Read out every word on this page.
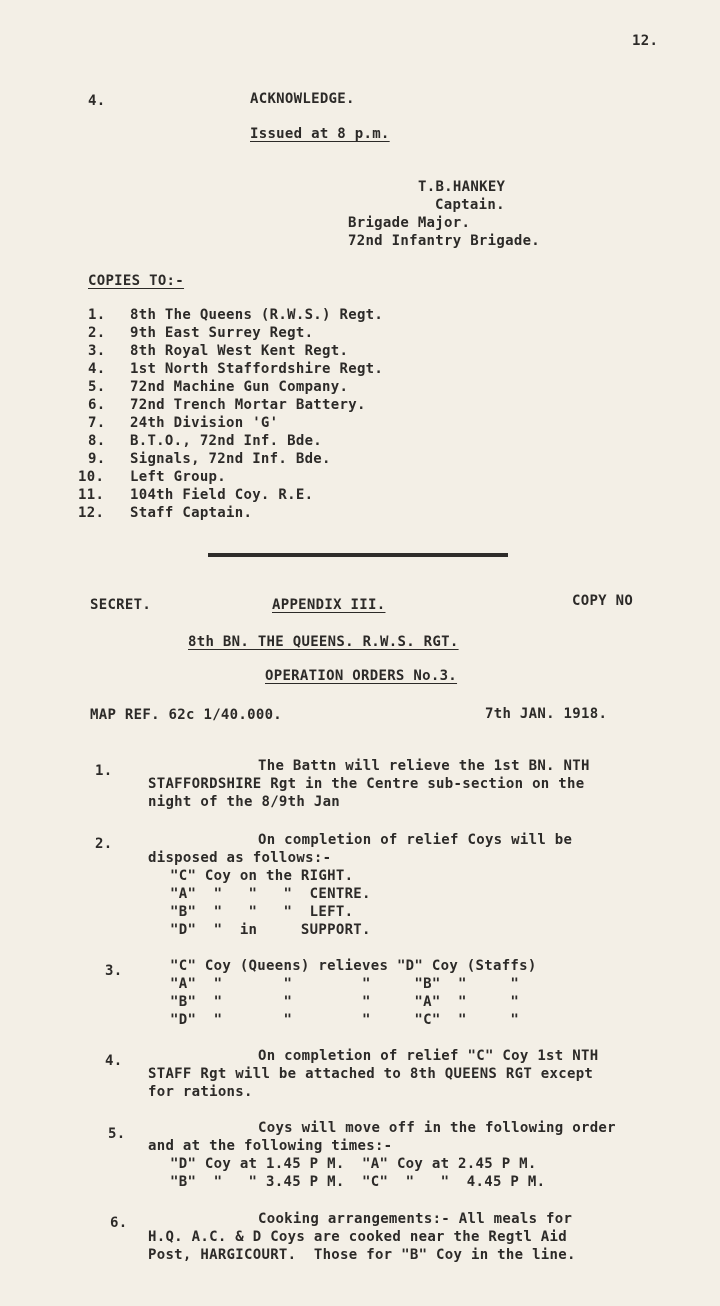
12.
4.	ACKNOWLEDGE.
Issued at 8 p.m.
T.B.HANKEY
Captain.
Brigade Major.
72nd Infantry Brigade.
COPIES TO:-
1. 8th The Queens (R.W.S.) Regt.
2. 9th East Surrey Regt.
3. 8th Royal West Kent Regt.
4. 1st North Staffordshire Regt.
5. 72nd Machine Gun Company.
6. 72nd Trench Mortar Battery.
7. 24th Division 'G'
8. B.T.O., 72nd Inf. Bde.
9. Signals, 72nd Inf. Bde.
10. Left Group.
11. 104th Field Coy. R.E.
12. Staff Captain.
SECRET.	APPENDIX III.	COPY NO
8th BN. THE QUEENS. R.W.S. RGT.
OPERATION ORDERS No.3.
MAP REF. 62c 1/40.000.	7th JAN. 1918.
1.	The Battn will relieve the 1st BN. NTH
STAFFORDSHIRE Rgt in the Centre sub-section on the
night of the 8/9th Jan
2.	On completion of relief Coys will be
disposed as follows:-
"C" Coy on the RIGHT.
"A"  "   "   "  CENTRE.
"B"  "   "   "  LEFT.
"D"  "  in     SUPPORT.
3.	"C" Coy (Queens) relieves "D" Coy (Staffs)
"A"  "       "        "     "B"  "     "
"B"  "       "        "     "A"  "     "
"D"  "       "        "     "C"  "     "
4.	On completion of relief "C" Coy 1st NTH
STAFF Rgt will be attached to 8th QUEENS RGT except
for rations.
5.	Coys will move off in the following order
and at the following times:-
"D" Coy at 1.45 P M.  "A" Coy at 2.45 P M.
"B"  "   " 3.45 P M.  "C"  "   "  4.45 P M.
6.	Cooking arrangements:- All meals for
H.Q. A.C. & D Coys are cooked near the Regtl Aid
Post, HARGICOURT.  Those for "B" Coy in the line.
